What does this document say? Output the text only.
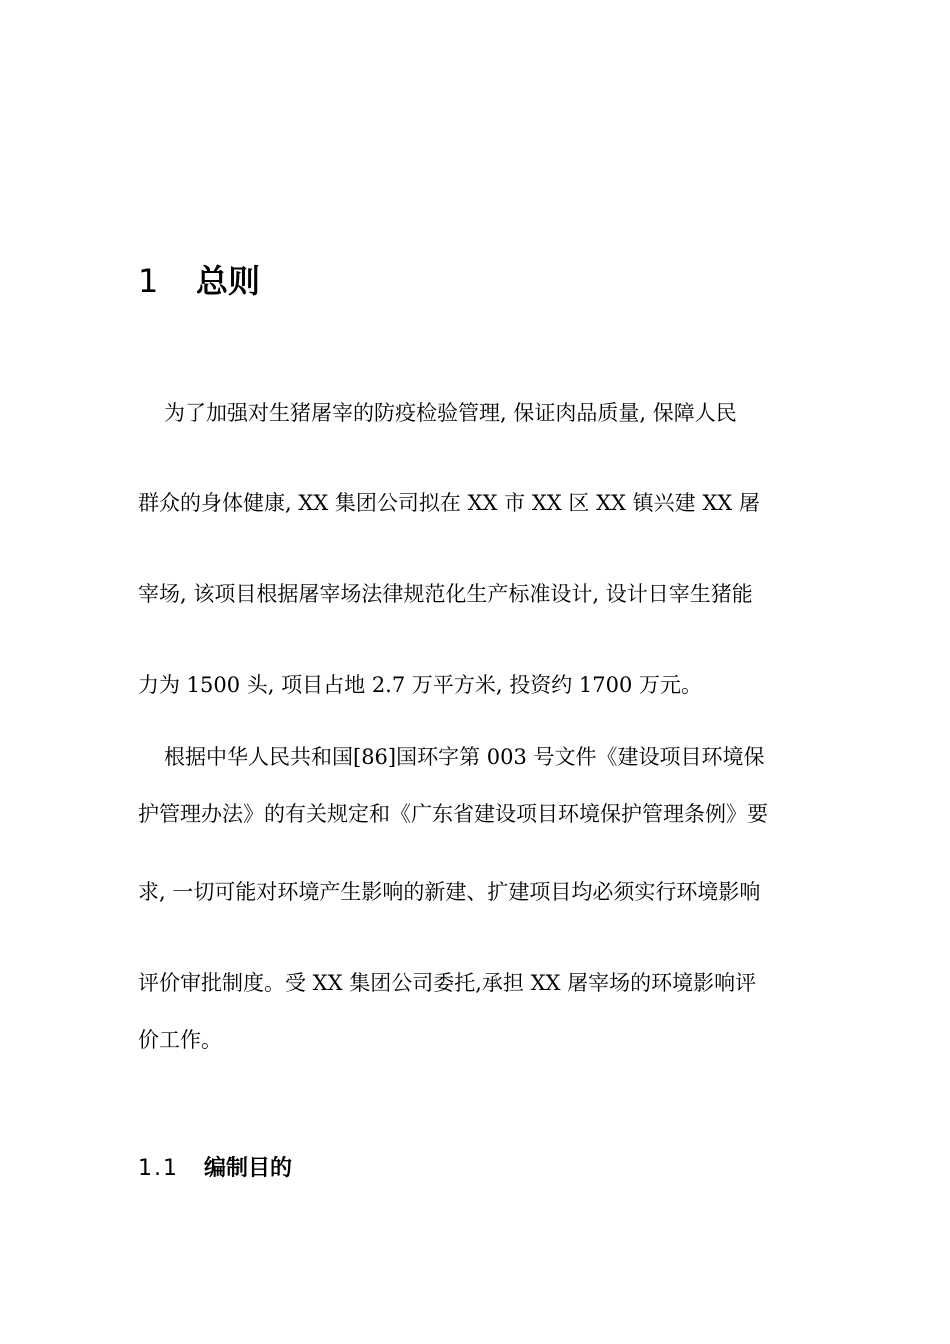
1 总则
为了加强对生猪屠宰的防疫检验管理, 保证肉品质量, 保障人民
群众的身体健康, XX 集团公司拟在 XX 市 XX 区 XX 镇兴建 XX 屠
宰场, 该项目根据屠宰场法律规范化生产标准设计, 设计日宰生猪能
力为 1500 头, 项目占地 2.7 万平方米, 投资约 1700 万元。
根据中华人民共和国[86]国环字第 003 号文件《建设项目环境保
护管理办法》的有关规定和《广东省建设项目环境保护管理条例》要
求, 一切可能对环境产生影响的新建、扩建项目均必须实行环境影响
评价审批制度。受 XX 集团公司委托,承担 XX 屠宰场的环境影响评
价工作。
1.1 编制目的
